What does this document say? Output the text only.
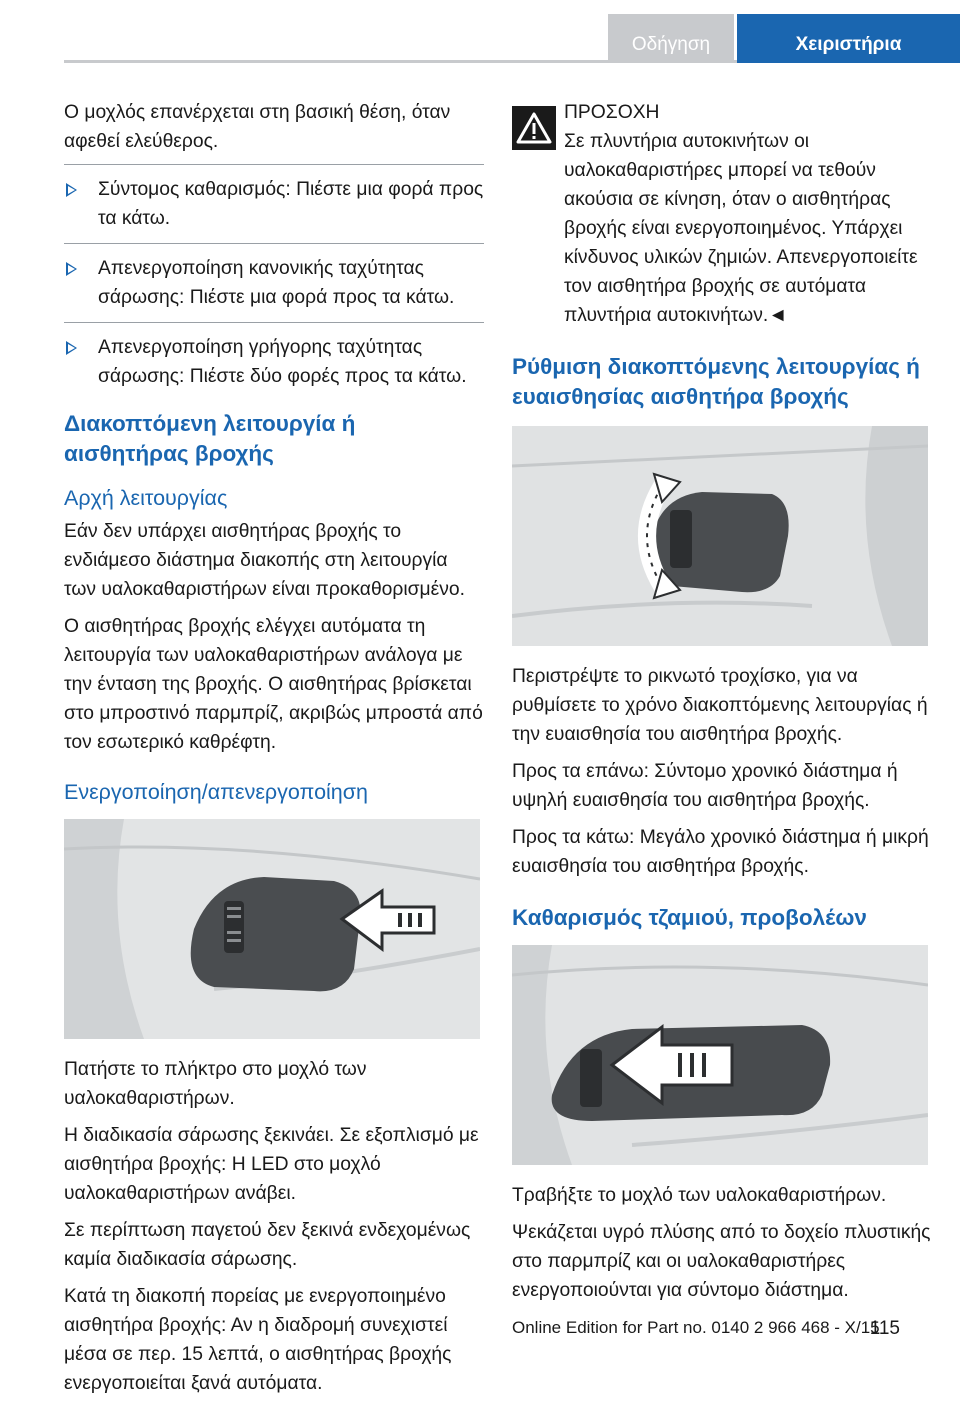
Οδήγηση	Χειριστήρια

Ο μοχλός επανέρχεται στη βασική θέση, όταν αφεθεί ελεύθερος.

Σύντομος καθαρισμός: Πιέστε μια φορά προς τα κάτω.
Απενεργοποίηση κανονικής ταχύτητας σάρωσης: Πιέστε μια φορά προς τα κάτω.
Απενεργοποίηση γρήγορης ταχύτητας σάρωσης: Πιέστε δύο φορές προς τα κάτω.
Διακοπτόμενη λειτουργία ή αισθητήρας βροχής
Αρχή λειτουργίας

Εάν δεν υπάρχει αισθητήρας βροχής το ενδιάμεσο διάστημα διακοπής στη λειτουργία των υαλοκαθαριστήρων είναι προκαθορισμένο.

Ο αισθητήρας βροχής ελέγχει αυτόματα τη λειτουργία των υαλοκαθαριστήρων ανάλογα με την ένταση της βροχής. Ο αισθητήρας βρίσκεται στο μπροστινό παρμπρίζ, ακριβώς μπροστά από τον εσωτερικό καθρέφτη.

Ενεργοποίηση/απενεργοποίηση

Πατήστε το πλήκτρο στο μοχλό των υαλοκαθαριστήρων.

Η διαδικασία σάρωσης ξεκινάει. Σε εξοπλισμό με αισθητήρα βροχής: Η LED στο μοχλό υαλοκαθαριστήρων ανάβει.

Σε περίπτωση παγετού δεν ξεκινά ενδεχομένως καμία διαδικασία σάρωσης.

Κατά τη διακοπή πορείας με ενεργοποιημένο αισθητήρα βροχής: Αν η διαδρομή συνεχιστεί μέσα σε περ. 15 λεπτά, ο αισθητήρας βροχής ενεργοποιείται ξανά αυτόματα.

ΠΡΟΣΟΧΗ
Σε πλυντήρια αυτοκινήτων οι υαλοκαθαριστήρες μπορεί να τεθούν ακούσια σε κίνηση, όταν ο αισθητήρας βροχής είναι ενεργοποιημένος. Υπάρχει κίνδυνος υλικών ζημιών. Απενεργοποιείτε τον αισθητήρα βροχής σε αυτόματα πλυντήρια αυτοκινήτων.◄
Ρύθμιση διακοπτόμενης λειτουργίας ή ευαισθησίας αισθητήρα βροχής

Περιστρέψτε το ρικνωτό τροχίσκο, για να ρυθμίσετε το χρόνο διακοπτόμενης λειτουργίας ή την ευαισθησία του αισθητήρα βροχής.

Προς τα επάνω: Σύντομο χρονικό διάστημα ή υψηλή ευαισθησία του αισθητήρα βροχής.

Προς τα κάτω: Μεγάλο χρονικό διάστημα ή μικρή ευαισθησία του αισθητήρα βροχής.

Καθαρισμός τζαμιού, προβολέων

Τραβήξτε το μοχλό των υαλοκαθαριστήρων.

Ψεκάζεται υγρό πλύσης από το δοχείο πλυστικής στο παρμπρίζ και οι υαλοκαθαριστήρες ενεργοποιούνται για σύντομο διάστημα.

Online Edition for Part no. 0140 2 966 468 - X/15
115
